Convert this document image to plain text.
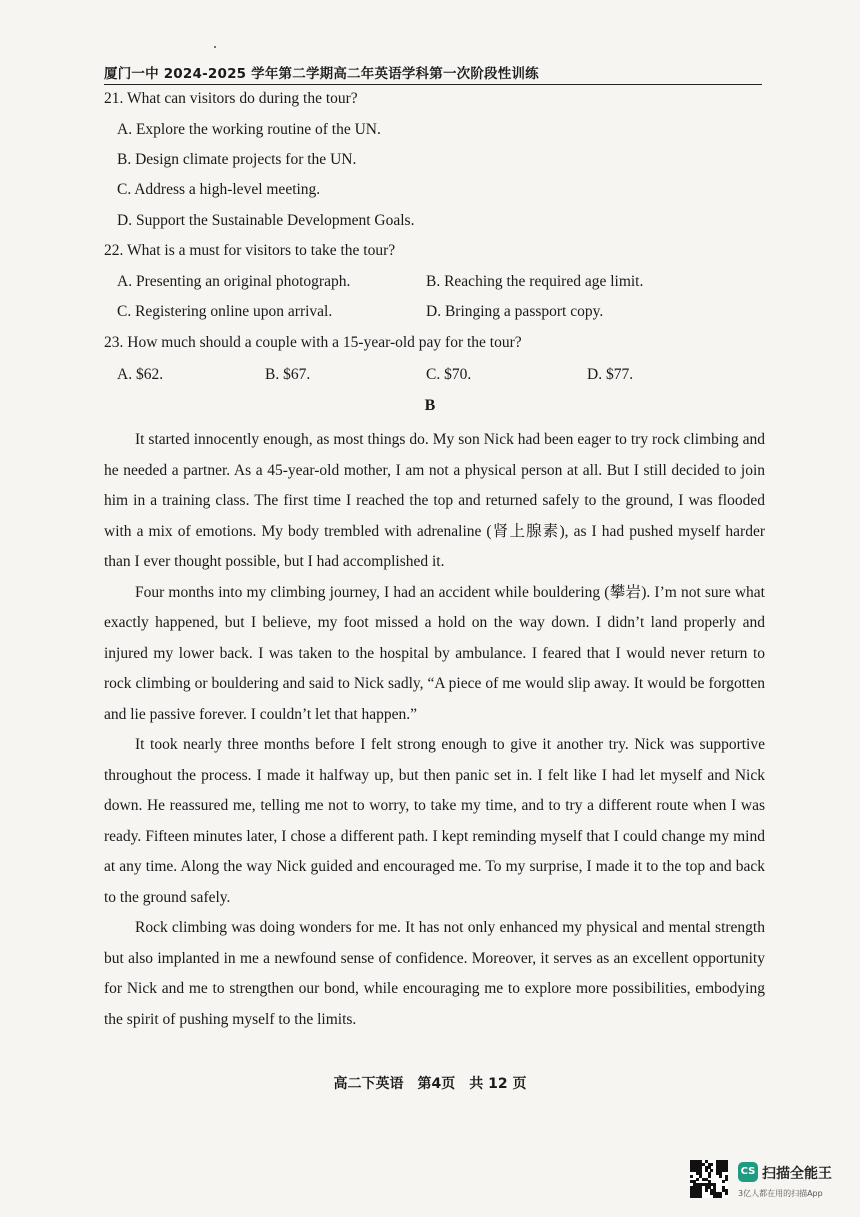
厦门一中 2024-2025 学年第二学期高二年英语学科第一次阶段性训练
21. What can visitors do during the tour?
A. Explore the working routine of the UN.
B. Design climate projects for the UN.
C. Address a high-level meeting.
D. Support the Sustainable Development Goals.
22. What is a must for visitors to take the tour?
A. Presenting an original photograph.	B. Reaching the required age limit.
C. Registering online upon arrival.	D. Bringing a passport copy.
23. How much should a couple with a 15-year-old pay for the tour?
A. $62.	B. $67.	C. $70.	D. $77.
B

It started innocently enough, as most things do. My son Nick had been eager to try rock climbing and he needed a partner. As a 45-year-old mother, I am not a physical person at all. But I still decided to join him in a training class. The first time I reached the top and returned safely to the ground, I was flooded with a mix of emotions. My body trembled with adrenaline (肾上腺素), as I had pushed myself harder than I ever thought possible, but I had accomplished it.

Four months into my climbing journey, I had an accident while bouldering (攀岩). I’m not sure what exactly happened, but I believe, my foot missed a hold on the way down. I didn’t land properly and injured my lower back. I was taken to the hospital by ambulance. I feared that I would never return to rock climbing or bouldering and said to Nick sadly, “A piece of me would slip away. It would be forgotten and lie passive forever. I couldn’t let that happen.”

It took nearly three months before I felt strong enough to give it another try. Nick was supportive throughout the process. I made it halfway up, but then panic set in. I felt like I had let myself and Nick down. He reassured me, telling me not to worry, to take my time, and to try a different route when I was ready. Fifteen minutes later, I chose a different path. I kept reminding myself that I could change my mind at any time. Along the way Nick guided and encouraged me. To my surprise, I made it to the top and back to the ground safely.

Rock climbing was doing wonders for me. It has not only enhanced my physical and mental strength but also implanted in me a newfound sense of confidence. Moreover, it serves as an excellent opportunity for Nick and me to strengthen our bond, while encouraging me to explore more possibilities, embodying the spirit of pushing myself to the limits.

高二下英语　第4页　共 12 页
CS 扫描全能王
3亿人都在用的扫描App
